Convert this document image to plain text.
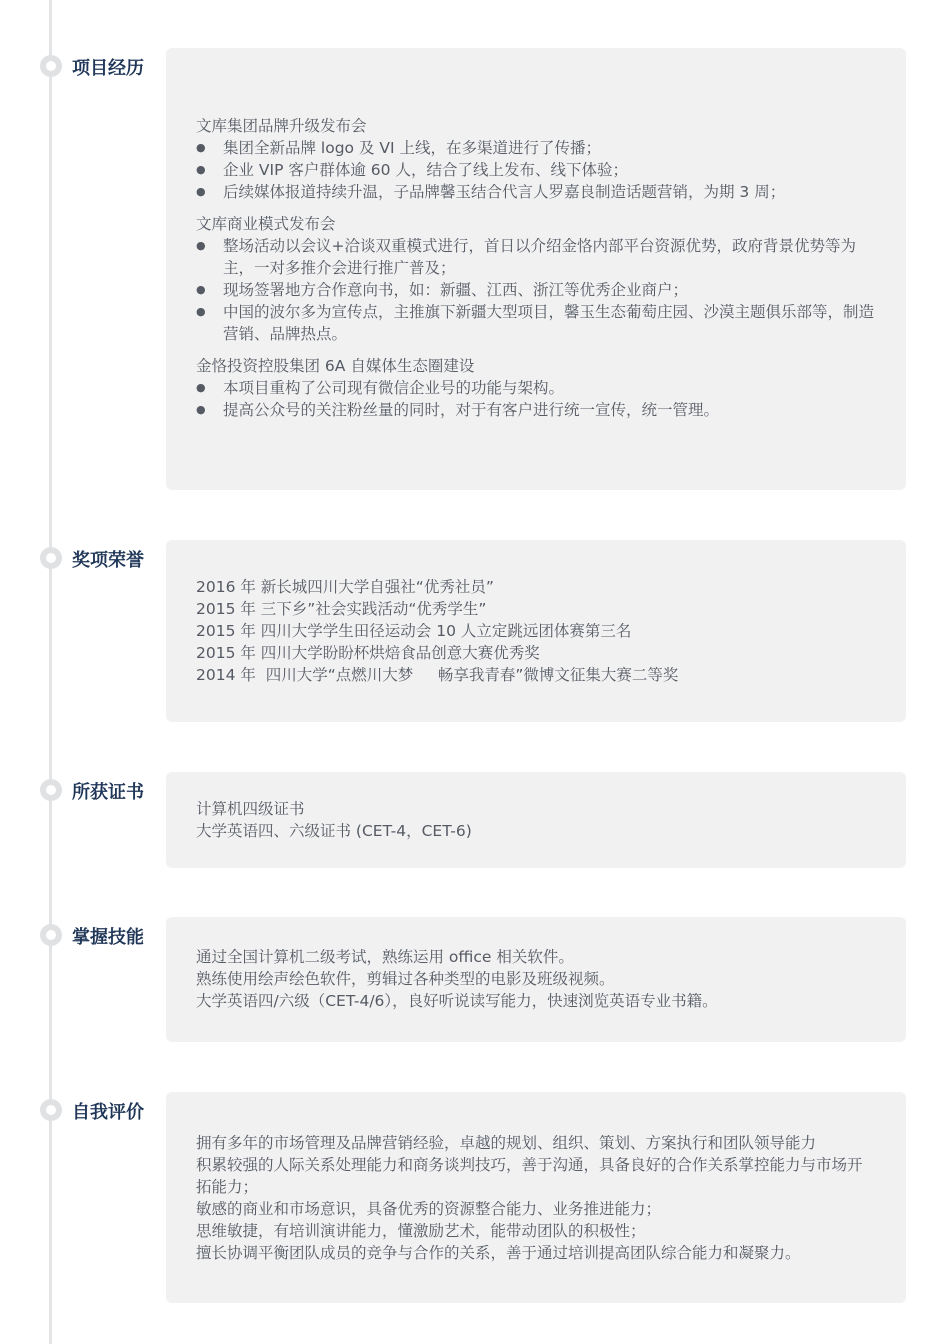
项目经历
文库集团品牌升级发布会
● 集团全新品牌 logo 及 VI 上线，在多渠道进行了传播；
● 企业 VIP 客户群体逾 60 人，结合了线上发布、线下体验；
● 后续媒体报道持续升温，子品牌馨玉结合代言人罗嘉良制造话题营销，为期 3 周；
文库商业模式发布会
● 整场活动以会议+洽谈双重模式进行，首日以介绍金恪内部平台资源优势，政府背景优势等为主，一对多推介会进行推广普及；
● 现场签署地方合作意向书，如：新疆、江西、浙江等优秀企业商户；
● 中国的波尔多为宣传点，主推旗下新疆大型项目，馨玉生态葡萄庄园、沙漠主题俱乐部等，制造营销、品牌热点。
金恪投资控股集团 6A 自媒体生态圈建设
● 本项目重构了公司现有微信企业号的功能与架构。
● 提高公众号的关注粉丝量的同时，对于有客户进行统一宣传，统一管理。
奖项荣誉
2016 年 新长城四川大学自强社“优秀社员”
2015 年 三下乡”社会实践活动“优秀学生”
2015 年 四川大学学生田径运动会 10 人立定跳远团体赛第三名
2015 年 四川大学盼盼杯烘焙食品创意大赛优秀奖
2014 年  四川大学“点燃川大梦     畅享我青春”微博文征集大赛二等奖
所获证书
计算机四级证书
大学英语四、六级证书 (CET-4，CET-6)
掌握技能
通过全国计算机二级考试，熟练运用 office 相关软件。
熟练使用绘声绘色软件，剪辑过各种类型的电影及班级视频。
大学英语四/六级（CET-4/6），良好听说读写能力，快速浏览英语专业书籍。
自我评价
拥有多年的市场管理及品牌营销经验，卓越的规划、组织、策划、方案执行和团队领导能力
积累较强的人际关系处理能力和商务谈判技巧，善于沟通，具备良好的合作关系掌控能力与市场开拓能力；
敏感的商业和市场意识，具备优秀的资源整合能力、业务推进能力；
思维敏捷，有培训演讲能力，懂激励艺术，能带动团队的积极性；
擅长协调平衡团队成员的竞争与合作的关系，善于通过培训提高团队综合能力和凝聚力。
